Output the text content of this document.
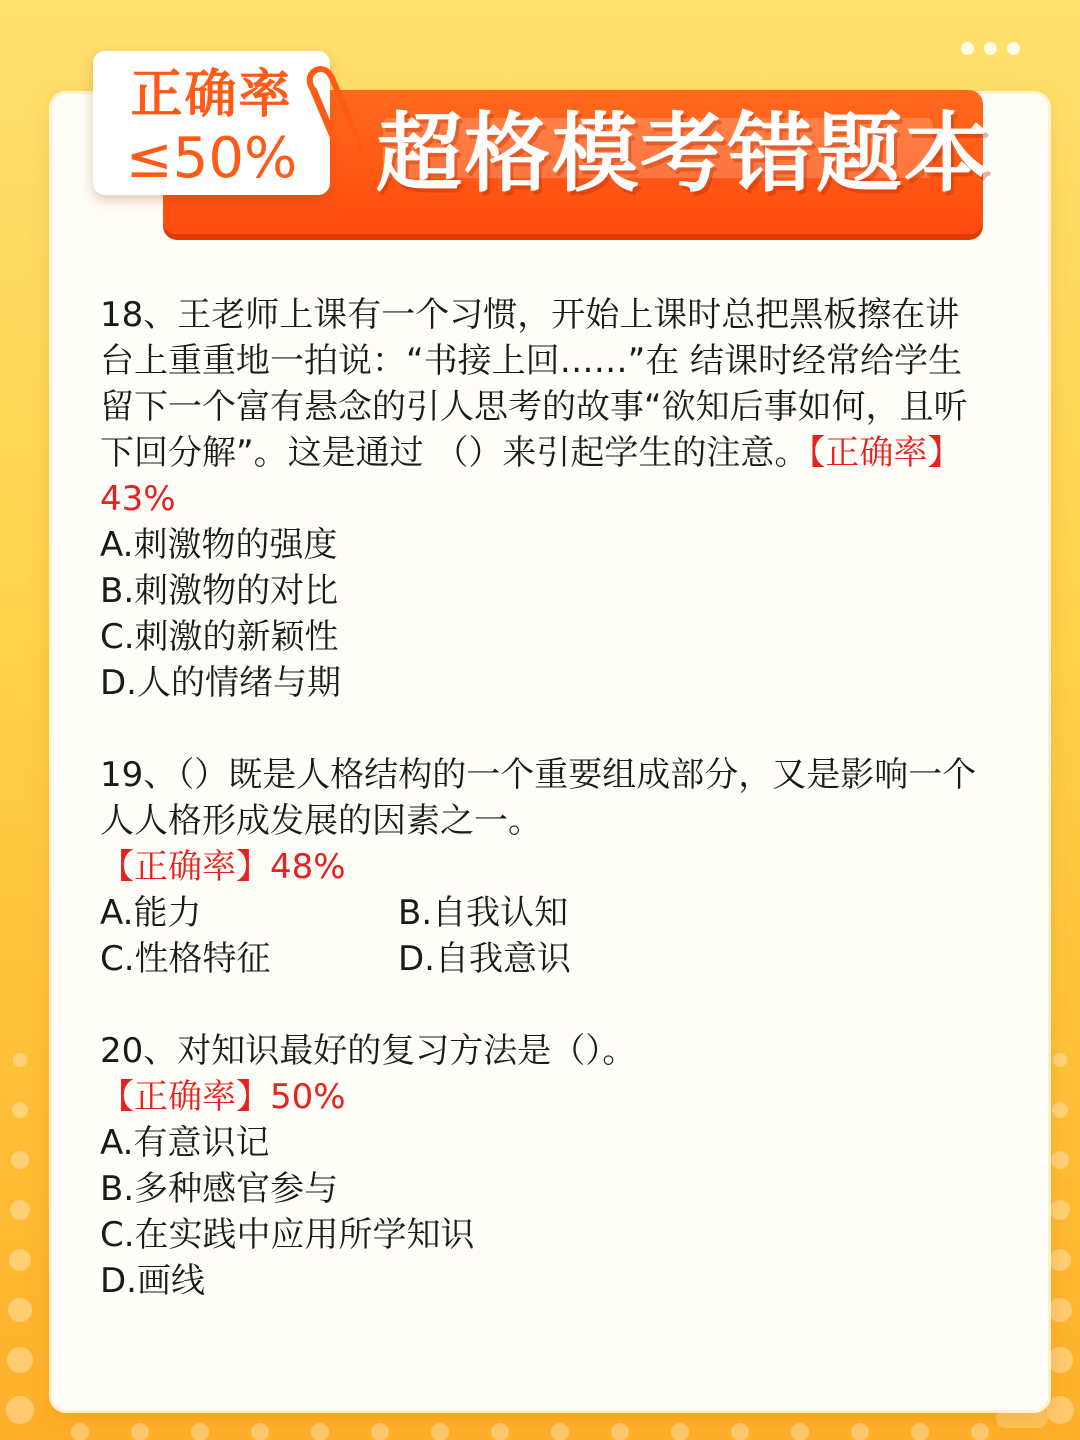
超格模考错题本
正确率
≤50%
18、王老师上课有一个习惯，开始上课时总把黑板擦在讲台上重重地一拍说：“书接上回……”在 结课时经常给学生留下一个富有悬念的引人思考的故事“欲知后事如何，且听下回分解”。这是通过 （）来引起学生的注意。【正确率】43%
A.刺激物的强度
B.刺激物的对比
C.刺激的新颖性
D.人的情绪与期
19、（）既是人格结构的一个重要组成部分，又是影响一个人人格形成发展的因素之一。
【正确率】48%
A.能力	B.自我认知
C.性格特征	D.自我意识
20、对知识最好的复习方法是（）。
【正确率】50%
A.有意识记
B.多种感官参与
C.在实践中应用所学知识
D.画线
